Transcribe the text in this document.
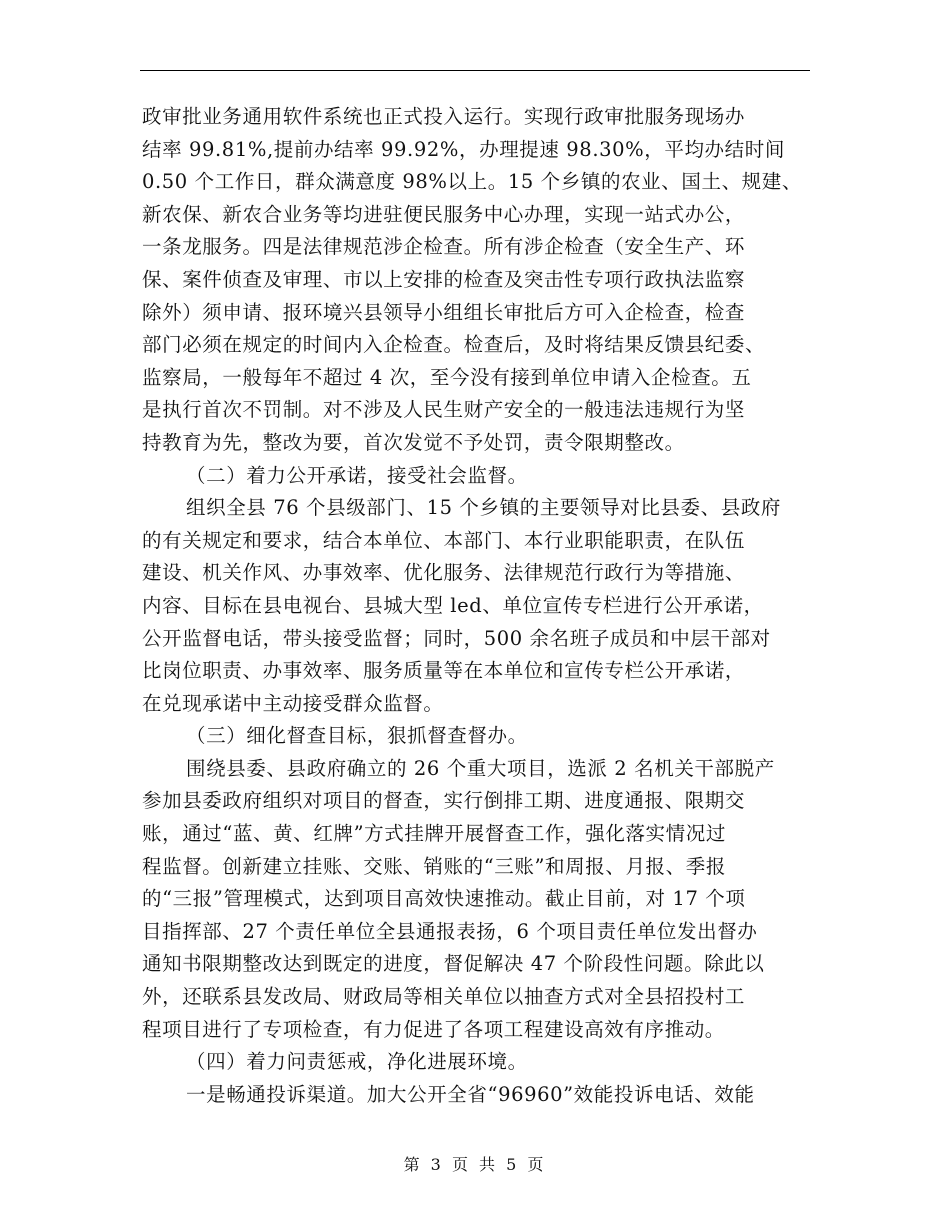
政审批业务通用软件系统也正式投入运行。实现行政审批服务现场办
结率 99.81%,提前办结率 99.92%，办理提速 98.30%，平均办结时间
0.50 个工作日，群众满意度 98%以上。15 个乡镇的农业、国土、规建、
新农保、新农合业务等均进驻便民服务中心办理，实现一站式办公，
一条龙服务。四是法律规范涉企检查。所有涉企检查（安全生产、环
保、案件侦查及审理、市以上安排的检查及突击性专项行政执法监察
除外）须申请、报环境兴县领导小组组长审批后方可入企检查，检查
部门必须在规定的时间内入企检查。检查后，及时将结果反馈县纪委、
监察局，一般每年不超过 4 次，至今没有接到单位申请入企检查。五
是执行首次不罚制。对不涉及人民生财产安全的一般违法违规行为坚
持教育为先，整改为要，首次发觉不予处罚，责令限期整改。
（二）着力公开承诺，接受社会监督。
组织全县 76 个县级部门、15 个乡镇的主要领导对比县委、县政府
的有关规定和要求，结合本单位、本部门、本行业职能职责，在队伍
建设、机关作风、办事效率、优化服务、法律规范行政行为等措施、
内容、目标在县电视台、县城大型 led、单位宣传专栏进行公开承诺，
公开监督电话，带头接受监督；同时，500 余名班子成员和中层干部对
比岗位职责、办事效率、服务质量等在本单位和宣传专栏公开承诺，
在兑现承诺中主动接受群众监督。
（三）细化督查目标，狠抓督查督办。
围绕县委、县政府确立的 26 个重大项目，选派 2 名机关干部脱产
参加县委政府组织对项目的督查，实行倒排工期、进度通报、限期交
账，通过“蓝、黄、红牌”方式挂牌开展督查工作，强化落实情况过
程监督。创新建立挂账、交账、销账的“三账”和周报、月报、季报
的“三报”管理模式，达到项目高效快速推动。截止目前，对 17 个项
目指挥部、27 个责任单位全县通报表扬，6 个项目责任单位发出督办
通知书限期整改达到既定的进度，督促解决 47 个阶段性问题。除此以
外，还联系县发改局、财政局等相关单位以抽查方式对全县招投村工
程项目进行了专项检查，有力促进了各项工程建设高效有序推动。
（四）着力问责惩戒，净化进展环境。
一是畅通投诉渠道。加大公开全省“96960”效能投诉电话、效能
第 3 页 共 5 页
